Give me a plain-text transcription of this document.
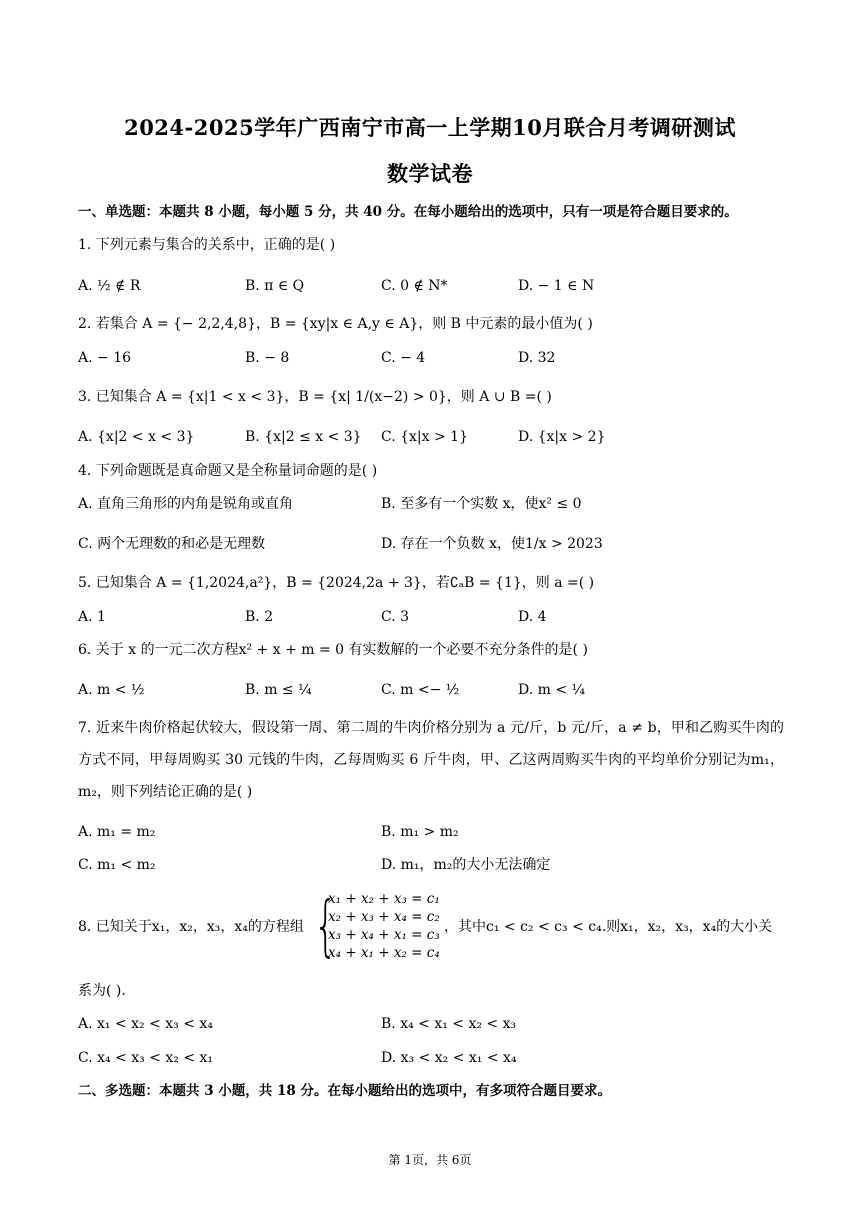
2024-2025学年广西南宁市高一上学期10月联合月考调研测试
数学试卷
一、单选题：本题共 8 小题，每小题 5 分，共 40 分。在每小题给出的选项中，只有一项是符合题目要求的。
1. 下列元素与集合的关系中，正确的是( )
A. ½ ∉ R	B. π ∈ Q	C. 0 ∉ N*	D. − 1 ∈ N
2. 若集合 A = {− 2,2,4,8}，B = {xy|x ∈ A,y ∈ A}，则 B 中元素的最小值为( )
A. − 16	B. − 8	C. − 4	D. 32
3. 已知集合 A = {x|1 < x < 3}，B = {x| 1/(x−2) > 0}，则 A ∪ B =( )
A. {x|2 < x < 3}	B. {x|2 ≤ x < 3} C. {x|x > 1}	D. {x|x > 2}
4. 下列命题既是真命题又是全称量词命题的是( )
A. 直角三角形的内角是锐角或直角	B. 至多有一个实数 x，使x² ≤ 0
C. 两个无理数的和必是无理数	D. 存在一个负数 x，使1/x > 2023
5. 已知集合 A = {1,2024,a²}，B = {2024,2a + 3}，若∁ₐB = {1}，则 a =( )
A. 1	B. 2	C. 3	D. 4
6. 关于 x 的一元二次方程x² + x + m = 0 有实数解的一个必要不充分条件的是( )
A. m < ½	B. m ≤ ¼	C. m <− ½	D. m < ¼
7. 近来牛肉价格起伏较大，假设第一周、第二周的牛肉价格分别为 a 元/斤，b 元/斤，a ≠ b，甲和乙购买牛肉的方式不同，甲每周购买 30 元钱的牛肉，乙每周购买 6 斤牛肉，甲、乙这两周购买牛肉的平均单价分别记为m₁，m₂，则下列结论正确的是( )
A. m₁ = m₂	B. m₁ > m₂
C. m₁ < m₂	D. m₁，m₂的大小无法确定
8. 已知关于x₁，x₂，x₃，x₄的方程组 {
x₁ + x₂ + x₃ = c₁
x₂ + x₃ + x₄ = c₂
x₃ + x₄ + x₁ = c₃
x₄ + x₁ + x₂ = c₄
，其中c₁ < c₂ < c₃ < c₄.则x₁，x₂，x₃，x₄的大小关
系为( ).
A. x₁ < x₂ < x₃ < x₄	B. x₄ < x₁ < x₂ < x₃
C. x₄ < x₃ < x₂ < x₁	D. x₃ < x₂ < x₁ < x₄
二、多选题：本题共 3 小题，共 18 分。在每小题给出的选项中，有多项符合题目要求。
第 1页，共 6页
